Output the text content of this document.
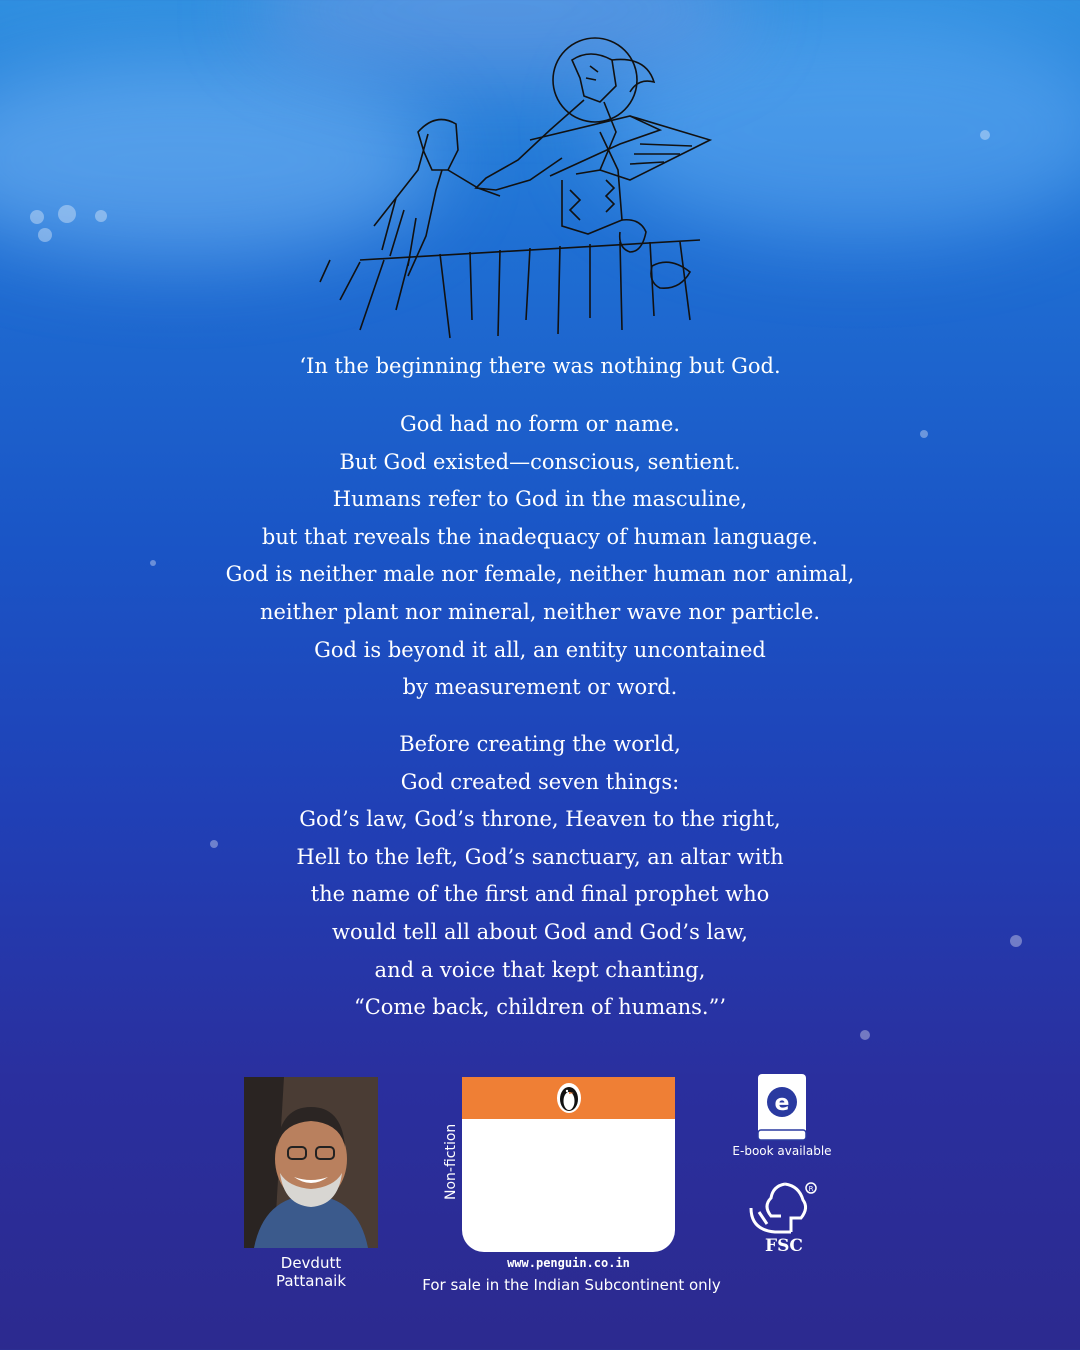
‘In the beginning there was nothing but God.

God had no form or name.

But God existed—conscious, sentient.

Humans refer to God in the masculine,

but that reveals the inadequacy of human language.

God is neither male nor female, neither human nor animal,

neither plant nor mineral, neither wave nor particle.

God is beyond it all, an entity uncontained

by measurement or word.

Before creating the world,

God created seven things:

God’s law, God’s throne, Heaven to the right,

Hell to the left, God’s sanctuary, an altar with

the name of the first and final prophet who

would tell all about God and God’s law,

and a voice that kept chanting,

“Come back, children of humans.”’

Devdutt Pattanaik
Non-fiction
www.penguin.co.in
For sale in the Indian Subcontinent only
e
E-book available
R
FSC
